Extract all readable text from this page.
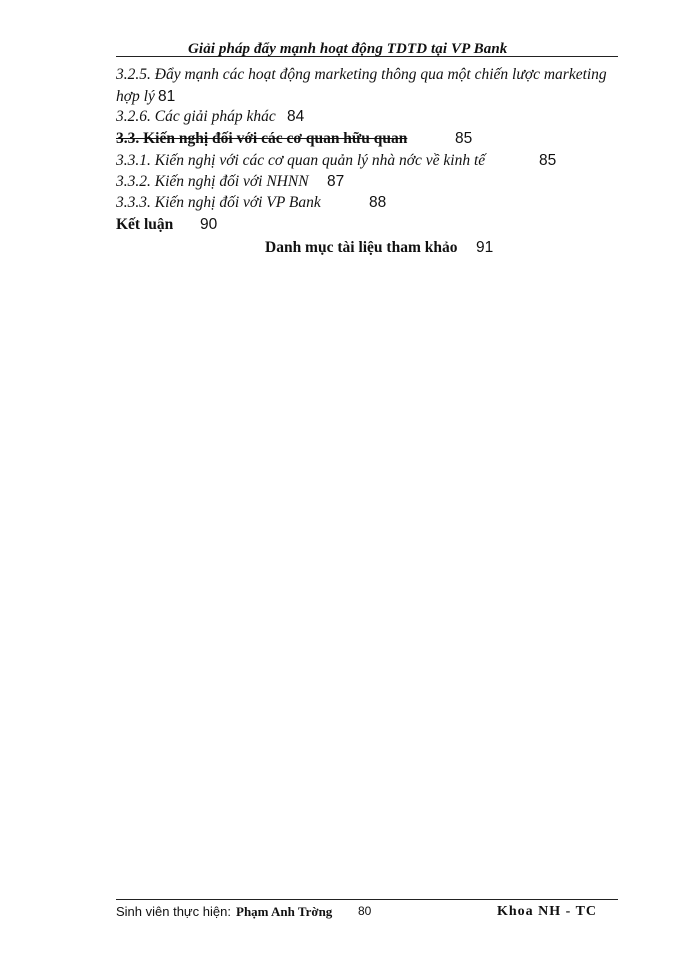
Giải pháp đẩy mạnh hoạt động TDTD tại VP Bank
3.2.5. Đẩy mạnh các hoạt động marketing thông qua một chiến lược marketing
hợp lý 81
3.2.6. Các giải pháp khác 84
3.3. Kiến nghị đối với các cơ quan hữu quan	85
3.3.1. Kiến nghị với các cơ quan quản lý nhà nớc về kinh tế	85
3.3.2. Kiến nghị đối với NHNN 87
3.3.3. Kiến nghị đối với VP Bank	88
Kết luận 90
Danh mục tài liệu tham khảo 91
Sinh viên thực hiện: Phạm Anh Trờng 80	Khoa NH - TC
